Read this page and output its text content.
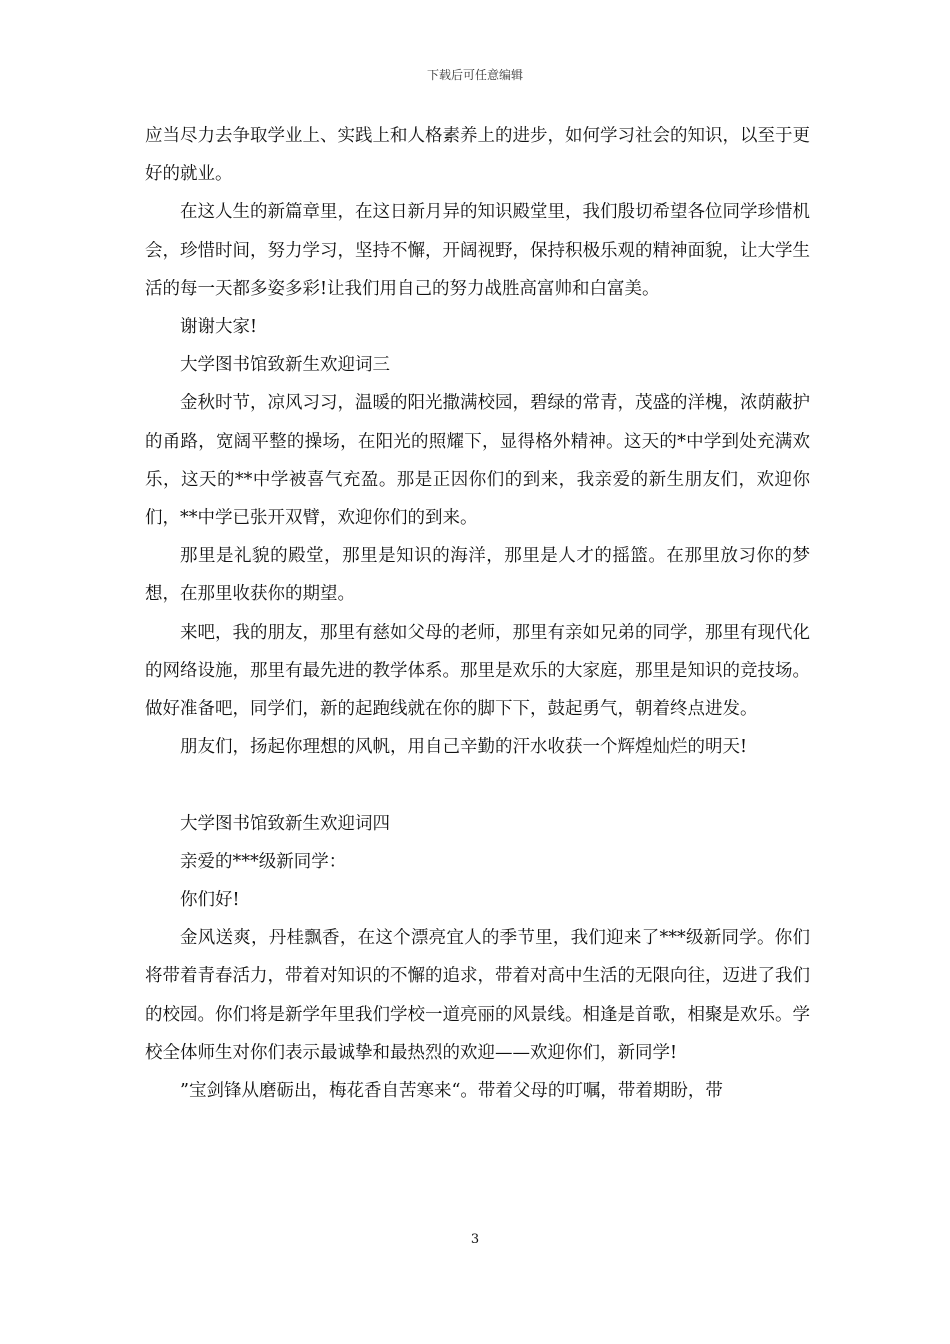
下载后可任意编辑

应当尽力去争取学业上、实践上和人格素养上的进步，如何学习社会的知识，以至于更好的就业。

在这人生的新篇章里，在这日新月异的知识殿堂里，我们殷切希望各位同学珍惜机会，珍惜时间，努力学习，坚持不懈，开阔视野，保持积极乐观的精神面貌，让大学生活的每一天都多姿多彩!让我们用自己的努力战胜高富帅和白富美。

谢谢大家!

大学图书馆致新生欢迎词三

金秋时节，凉风习习，温暖的阳光撒满校园，碧绿的常青，茂盛的洋槐，浓荫蔽护的甬路，宽阔平整的操场，在阳光的照耀下，显得格外精神。这天的*中学到处充满欢乐，这天的**中学被喜气充盈。那是正因你们的到来，我亲爱的新生朋友们，欢迎你们，**中学已张开双臂，欢迎你们的到来。

那里是礼貌的殿堂，那里是知识的海洋，那里是人才的摇篮。在那里放习你的梦想，在那里收获你的期望。

来吧，我的朋友，那里有慈如父母的老师，那里有亲如兄弟的同学，那里有现代化的网络设施，那里有最先进的教学体系。那里是欢乐的大家庭，那里是知识的竞技场。做好准备吧，同学们，新的起跑线就在你的脚下下，鼓起勇气，朝着终点进发。

朋友们，扬起你理想的风帆，用自己辛勤的汗水收获一个辉煌灿烂的明天!

大学图书馆致新生欢迎词四

亲爱的***级新同学：

你们好!

金风送爽，丹桂飘香，在这个漂亮宜人的季节里，我们迎来了***级新同学。你们将带着青春活力，带着对知识的不懈的追求，带着对高中生活的无限向往，迈进了我们的校园。你们将是新学年里我们学校一道亮丽的风景线。相逢是首歌，相聚是欢乐。学校全体师生对你们表示最诚挚和最热烈的欢迎——欢迎你们，新同学!

”宝剑锋从磨砺出，梅花香自苦寒来“。带着父母的叮嘱，带着期盼，带

3
